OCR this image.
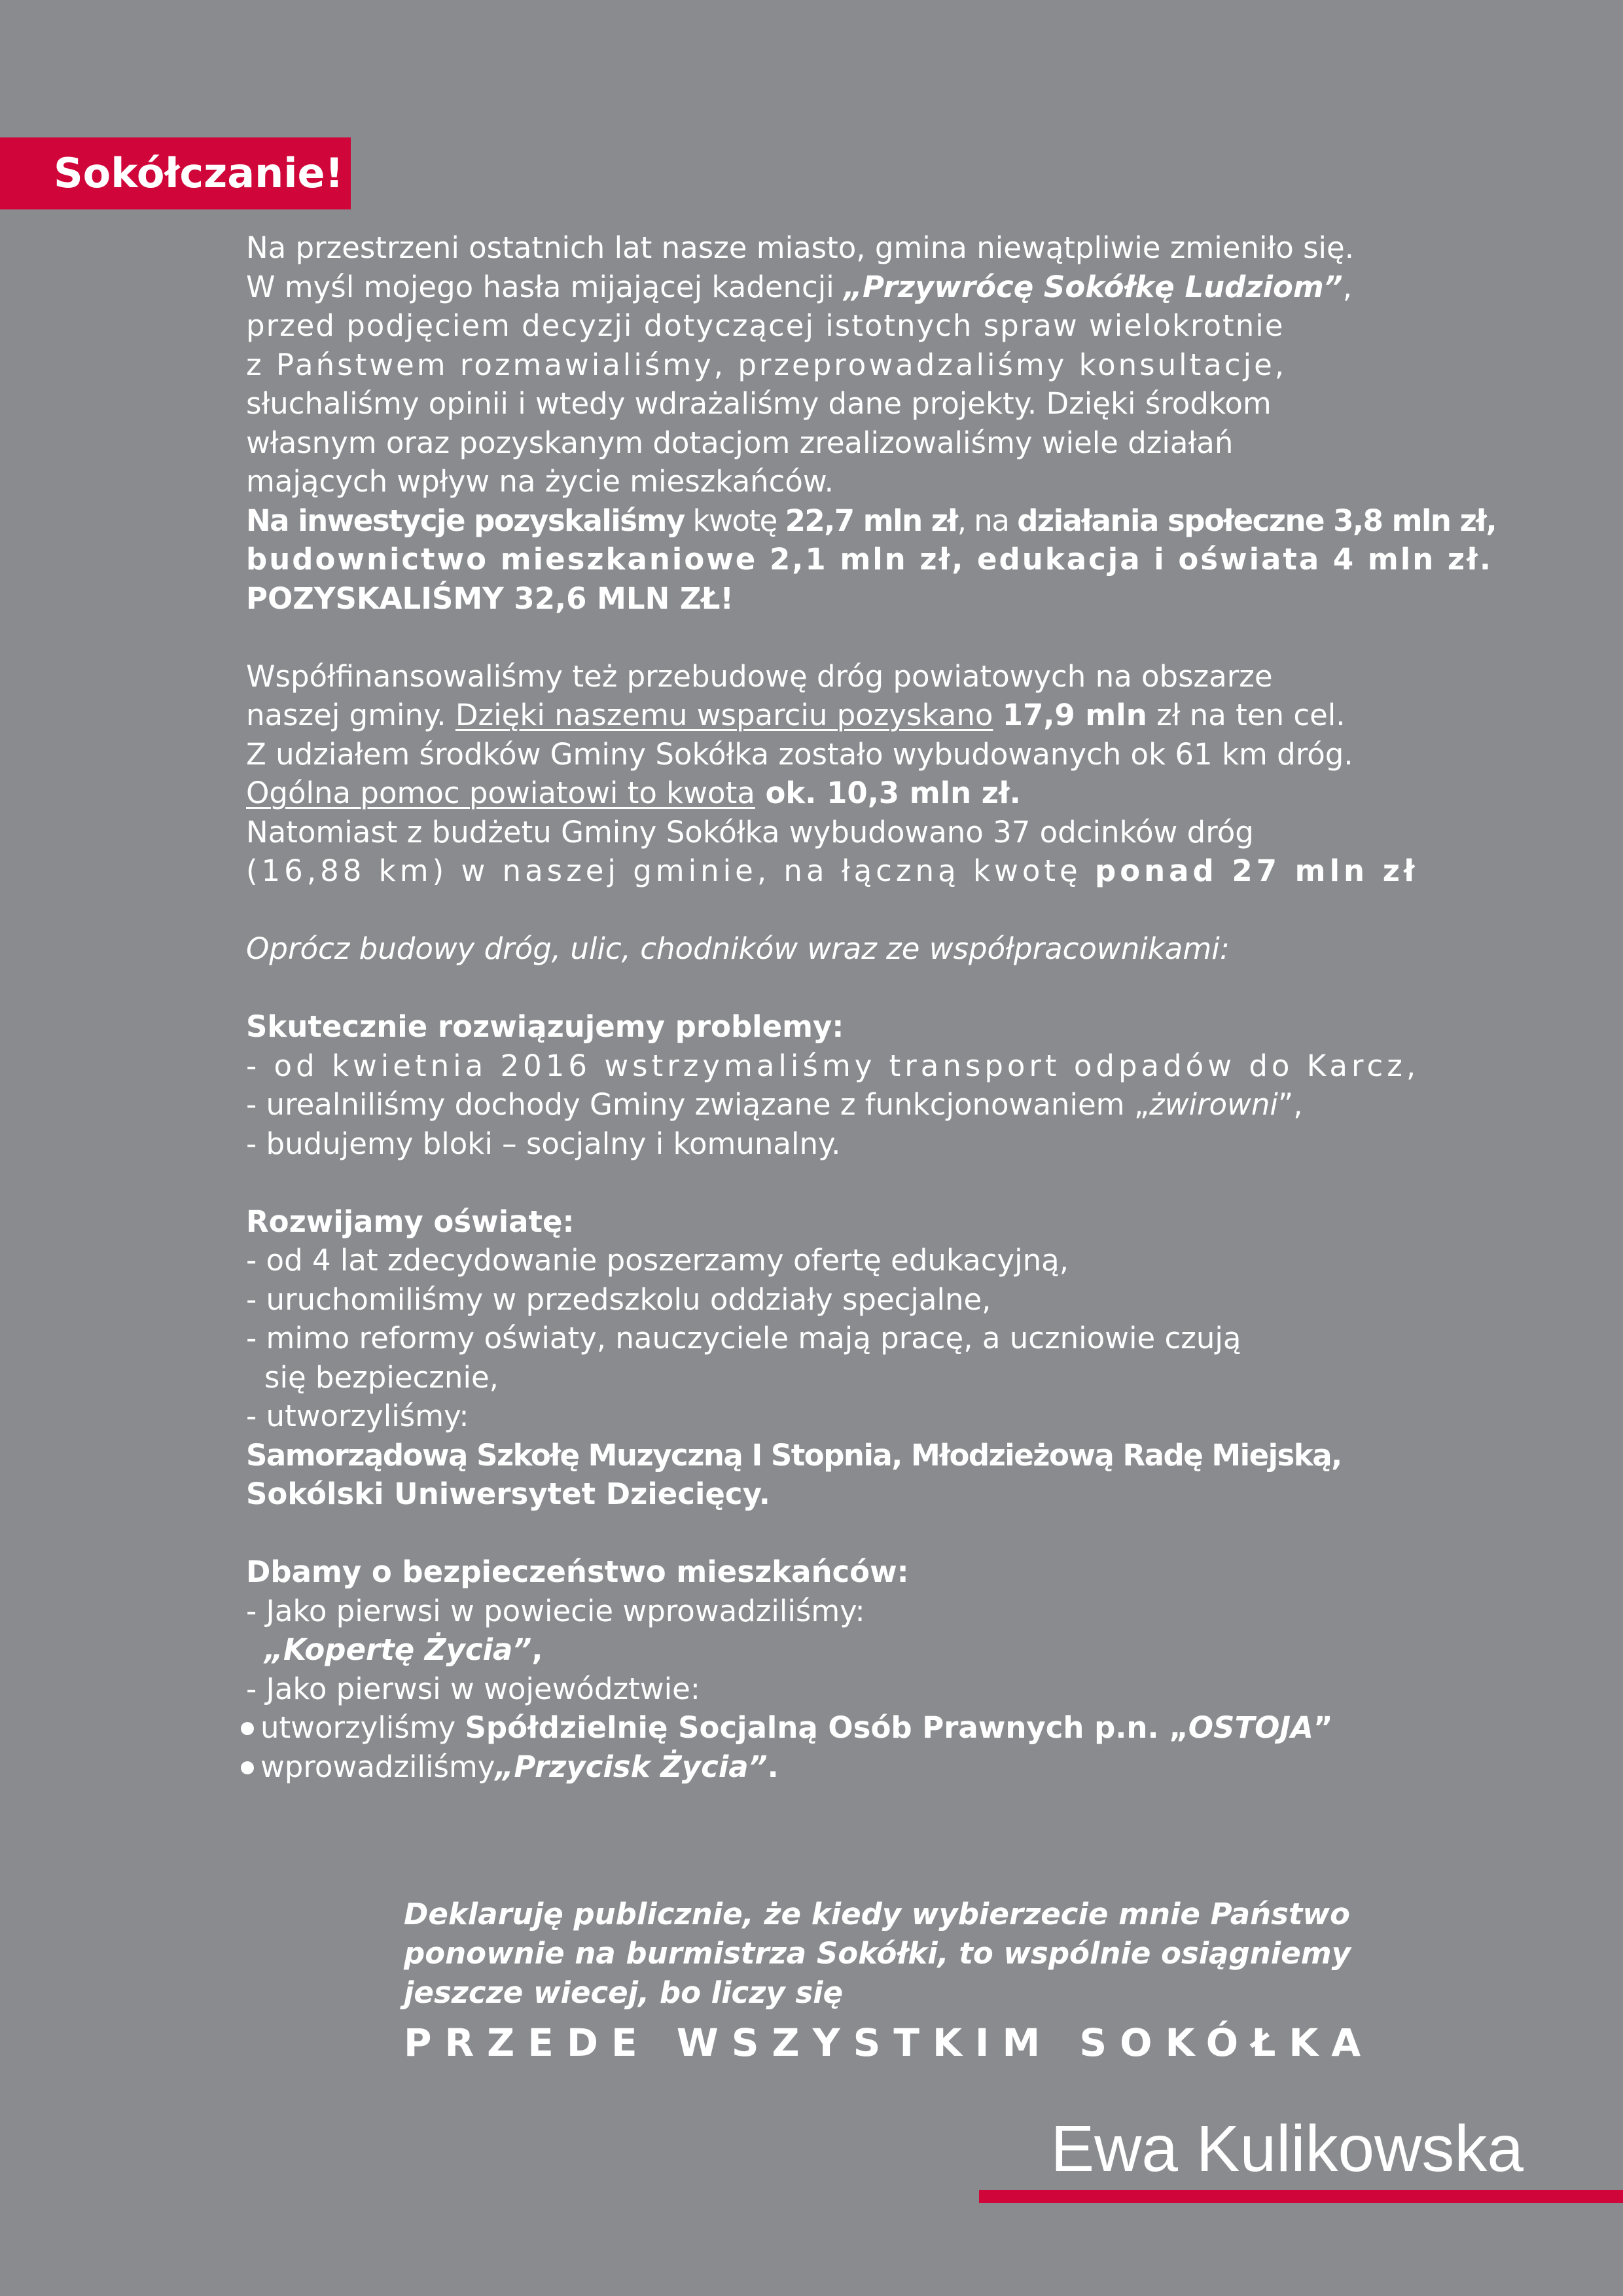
Sokółczanie!
Na przestrzeni ostatnich lat nasze miasto, gmina niewątpliwie zmieniło się.
W myśl mojego hasła mijającej kadencji „Przywrócę Sokółkę Ludziom”,
przed podjęciem decyzji dotyczącej istotnych spraw wielokrotnie
z Państwem rozmawialiśmy, przeprowadzaliśmy konsultacje,
słuchaliśmy opinii i wtedy wdrażaliśmy dane projekty. Dzięki środkom
własnym oraz pozyskanym dotacjom zrealizowaliśmy wiele działań
mających wpływ na życie mieszkańców.
Na inwestycje pozyskaliśmy kwotę 22,7 mln zł, na działania społeczne 3,8 mln zł,
budownictwo mieszkaniowe 2,1 mln zł, edukacja i oświata 4 mln zł.
POZYSKALIŚMY 32,6 MLN ZŁ!
Współfinansowaliśmy też przebudowę dróg powiatowych na obszarze
naszej gminy. Dzięki naszemu wsparciu pozyskano 17,9 mln zł na ten cel.
Z udziałem środków Gminy Sokółka zostało wybudowanych ok 61 km dróg.
Ogólna pomoc powiatowi to kwota ok. 10,3 mln zł.
Natomiast z budżetu Gminy Sokółka wybudowano 37 odcinków dróg
(16,88 km) w naszej gminie, na łączną kwotę ponad 27 mln zł
Oprócz budowy dróg, ulic, chodników wraz ze współpracownikami:
Skutecznie rozwiązujemy problemy:
- od kwietnia 2016 wstrzymaliśmy transport odpadów do Karcz,
- urealniliśmy dochody Gminy związane z funkcjonowaniem „żwirowni”,
- budujemy bloki – socjalny i komunalny.
Rozwijamy oświatę:
- od 4 lat zdecydowanie poszerzamy ofertę edukacyjną,
- uruchomiliśmy w przedszkolu oddziały specjalne,
- mimo reformy oświaty, nauczyciele mają pracę, a uczniowie czują
się bezpiecznie,
- utworzyliśmy:
Samorządową Szkołę Muzyczną I Stopnia, Młodzieżową Radę Miejską,
Sokólski Uniwersytet Dziecięcy.
Dbamy o bezpieczeństwo mieszkańców:
- Jako pierwsi w powiecie wprowadziliśmy:
„Kopertę Życia”,
- Jako pierwsi w województwie:
utworzyliśmy Spółdzielnię Socjalną Osób Prawnych p.n. „OSTOJA”
wprowadziliśmy„Przycisk Życia”.
Deklaruję publicznie, że kiedy wybierzecie mnie Państwo
ponownie na burmistrza Sokółki, to wspólnie osiągniemy
jeszcze wiecej, bo liczy się
PRZEDE WSZYSTKIM SOKÓŁKA
Ewa Kulikowska
